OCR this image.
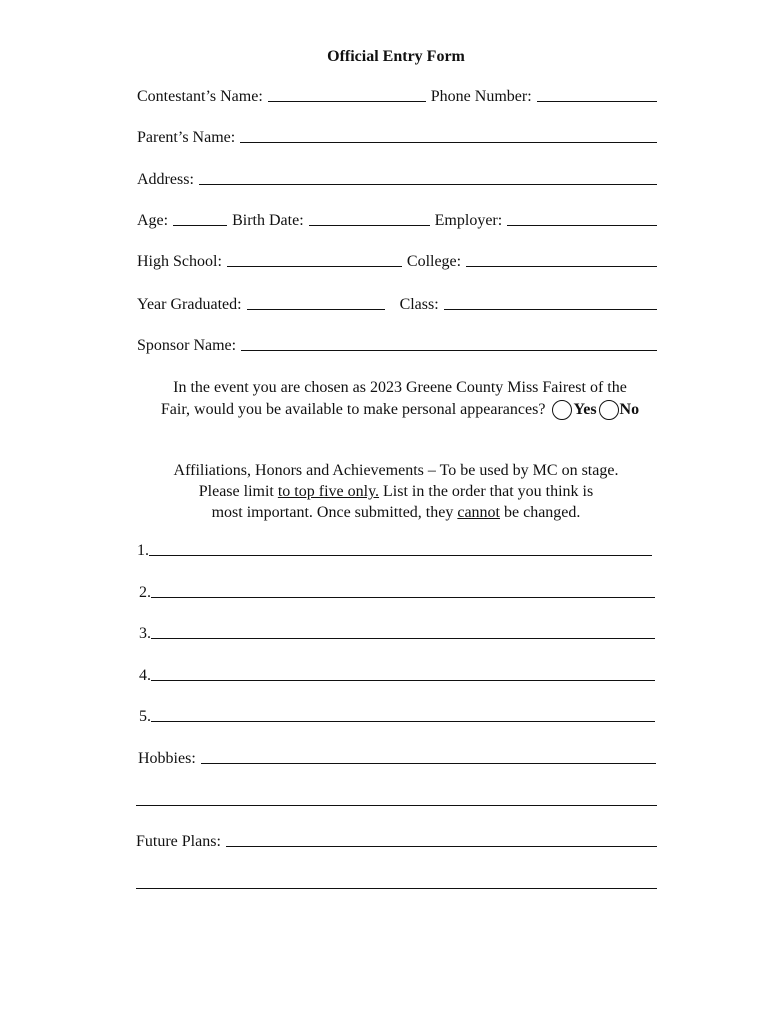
Official Entry Form
Contestant’s Name:	Phone Number:
Parent’s Name:
Address:
Age:	Birth Date:	Employer:
High School:	College:
Year Graduated:	Class:
Sponsor Name:
In the event you are chosen as 2023 Greene County Miss Fairest of the
Fair, would you be available to make personal appearances? Yes No
Affiliations, Honors and Achievements – To be used by MC on stage.
Please limit to top five only. List in the order that you think is
most important. Once submitted, they cannot be changed.
1.
2.
3.
4.
5.
Hobbies:
Future Plans:
